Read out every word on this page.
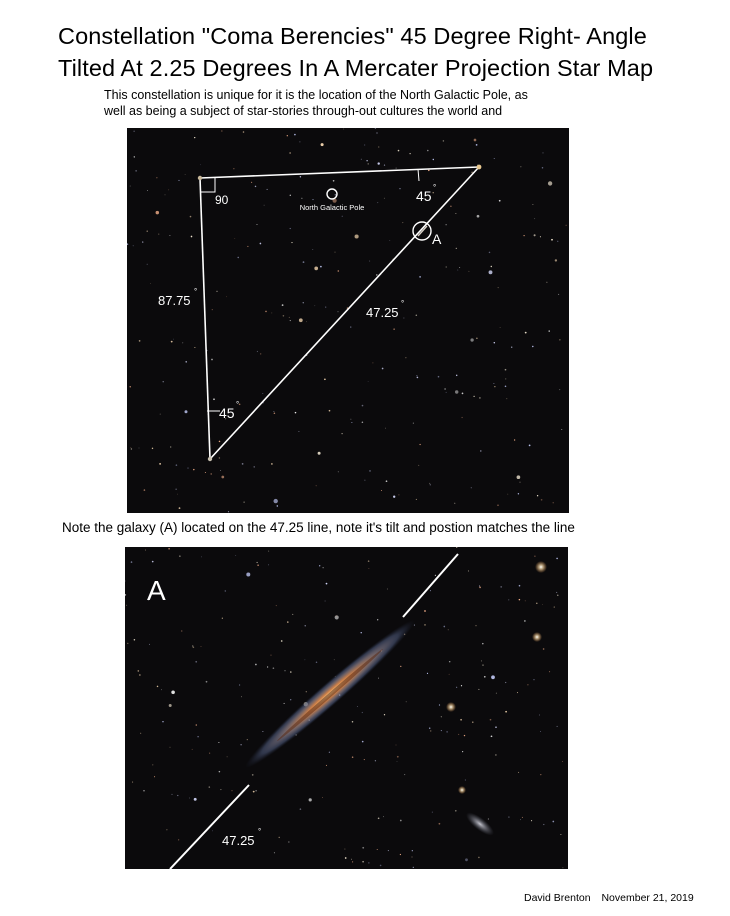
Constellation "Coma Berencies" 45 Degree Right- Angle
Tilted At 2.25 Degrees In A Mercater Projection Star Map
This constellation is unique for it is the location of the North Galactic Pole, as
well as being a subject of star-stories through-out cultures the world and
North Galactic Pole
A
90	45
°
45
°
87.75
°
47.25
°
Note the galaxy (A) located on the 47.25 line, note it's tilt and postion matches the line
A
47.25
°
David Brenton November 21, 2019
